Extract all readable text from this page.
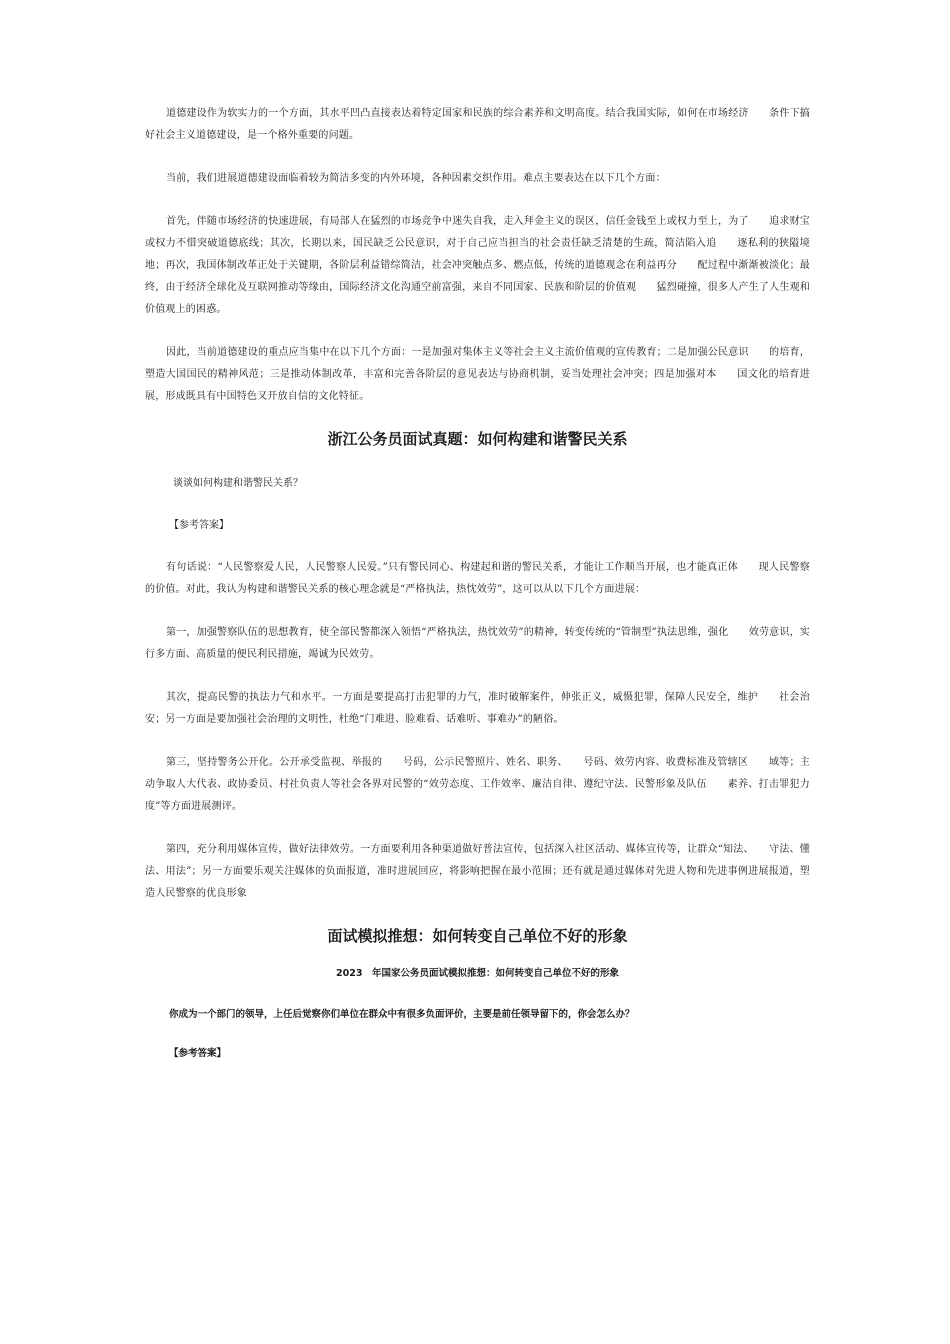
道德建设作为软实力的一个方面，其水平凹凸直接表达着特定国家和民族的综合素养和文明高度。结合我国实际，如何在市场经济　　条件下搞好社会主义道德建设，是一个格外重要的问题。

当前，我们进展道德建设面临着较为简洁多变的内外环境，各种因素交织作用。难点主要表达在以下几个方面：

首先，伴随市场经济的快速进展，有局部人在猛烈的市场竞争中迷失自我，走入拜金主义的误区，信任金钱至上或权力至上，为了　　追求财宝或权力不惜突破道德底线；其次，长期以来，国民缺乏公民意识，对于自己应当担当的社会责任缺乏清楚的生疏，简洁陷入追　　逐私利的狭隘境地；再次，我国体制改革正处于关键期，各阶层利益错综简洁，社会冲突触点多、燃点低，传统的道德观念在利益再分　　配过程中渐渐被淡化；最终，由于经济全球化及互联网推动等缘由，国际经济文化沟通空前富强，来自不同国家、民族和阶层的价值观　　猛烈碰撞，很多人产生了人生观和价值观上的困惑。

因此，当前道德建设的重点应当集中在以下几个方面：一是加强对集体主义等社会主义主流价值观的宣传教育；二是加强公民意识　　的培育，塑造大国国民的精神风范；三是推动体制改革，丰富和完善各阶层的意见表达与协商机制，妥当处理社会冲突；四是加强对本　　国文化的培育进展，形成既具有中国特色又开放自信的文化特征。

浙江公务员面试真题：如何构建和谐警民关系

谈谈如何构建和谐警民关系？

【参考答案】

有句话说：“人民警察爱人民，人民警察人民爱。”只有警民同心、构建起和谐的警民关系，才能让工作顺当开展，也才能真正体　　现人民警察的价值。对此，我认为构建和谐警民关系的核心理念就是“严格执法，热忱效劳”，这可以从以下几个方面进展：

第一，加强警察队伍的思想教育，使全部民警都深入领悟“严格执法，热忱效劳”的精神，转变传统的“管制型”执法思维，强化　　效劳意识，实行多方面、高质量的便民利民措施，竭诚为民效劳。

其次，提高民警的执法力气和水平。一方面是要提高打击犯罪的力气，准时破解案件，伸张正义，威慑犯罪，保障人民安全，维护　　社会治安；另一方面是要加强社会治理的文明性，杜绝“门难进、脸难看、话难听、事难办”的陋俗。

第三，坚持警务公开化。公开承受监视、举报的　　号码，公示民警照片、姓名、职务、　　号码、效劳内容、收费标准及管辖区　　域等；主动争取人大代表、政协委员、村社负责人等社会各界对民警的“效劳态度、工作效率、廉洁自律、遵纪守法、民警形象及队伍　　素养、打击罪犯力度”等方面进展测评。

第四，充分利用媒体宣传，做好法律效劳。一方面要利用各种渠道做好普法宣传，包括深入社区活动、媒体宣传等，让群众“知法、　　守法、懂法、用法”；另一方面要乐观关注媒体的负面报道，准时进展回应，将影响把握在最小范围；还有就是通过媒体对先进人物和先进事例进展报道，塑造人民警察的优良形象

面试模拟推想：如何转变自己单位不好的形象
2023　年国家公务员面试模拟推想：如何转变自己单位不好的形象

你成为一个部门的领导，上任后觉察你们单位在群众中有很多负面评价，主要是前任领导留下的，你会怎么办？

【参考答案】
